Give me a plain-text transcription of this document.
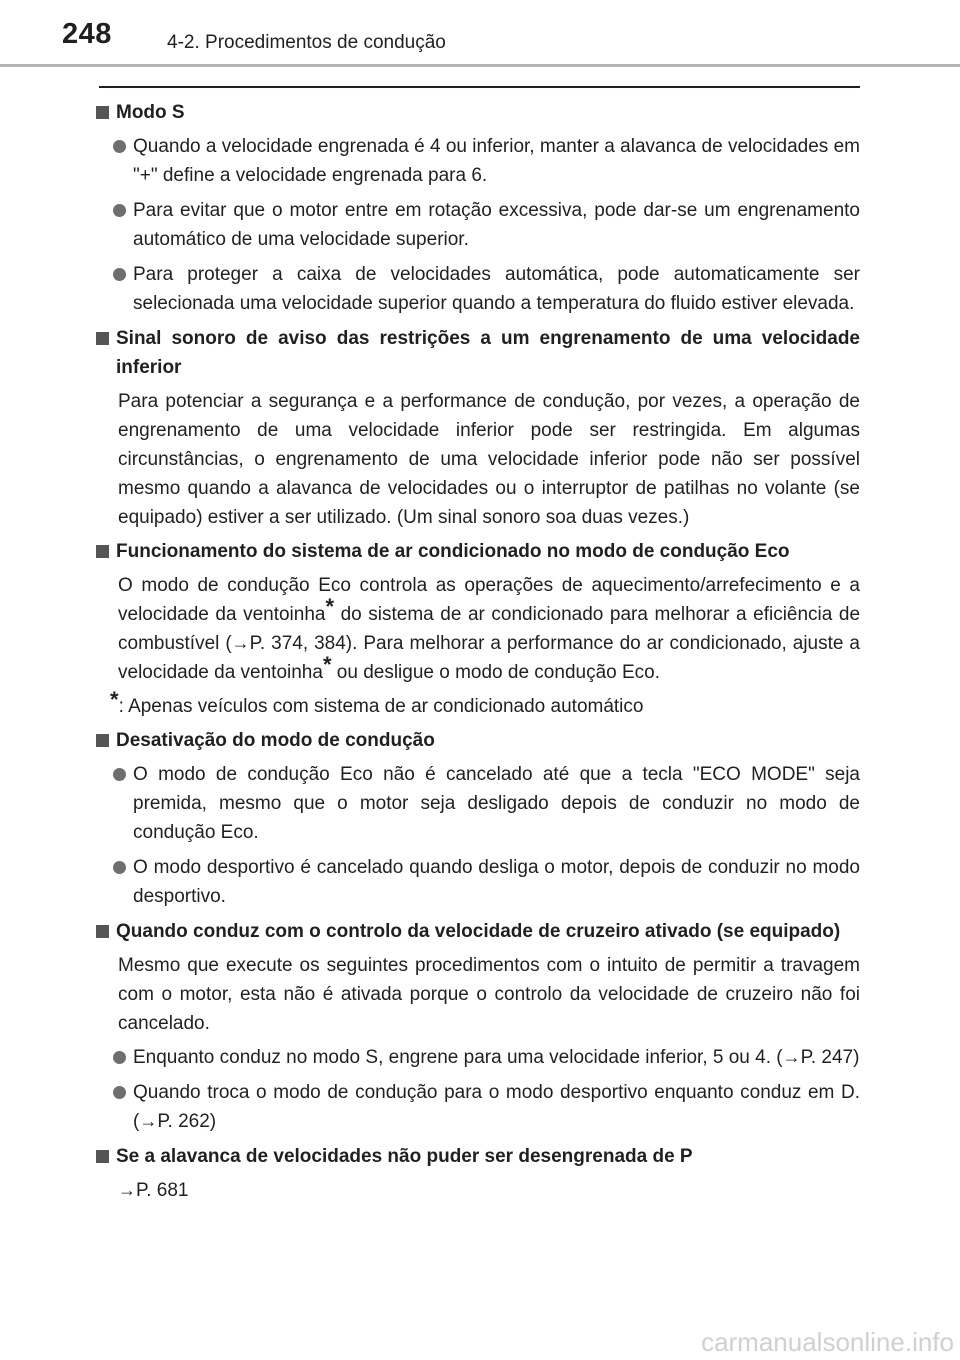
248	4-2. Procedimentos de condução
Modo S
Quando a velocidade engrenada é 4 ou inferior, manter a alavanca de velocidades em "+" define a velocidade engrenada para 6.
Para evitar que o motor entre em rotação excessiva, pode dar-se um engrenamento automático de uma velocidade superior.
Para proteger a caixa de velocidades automática, pode automaticamente ser selecionada uma velocidade superior quando a temperatura do fluido estiver elevada.
Sinal sonoro de aviso das restrições a um engrenamento de uma velocidade inferior
Para potenciar a segurança e a performance de condução, por vezes, a operação de engrenamento de uma velocidade inferior pode ser restringida. Em algumas circunstâncias, o engrenamento de uma velocidade inferior pode não ser possível mesmo quando a alavanca de velocidades ou o interruptor de patilhas no volante (se equipado) estiver a ser utilizado. (Um sinal sonoro soa duas vezes.)
Funcionamento do sistema de ar condicionado no modo de condução Eco
O modo de condução Eco controla as operações de aquecimento/arrefecimento e a velocidade da ventoinha* do sistema de ar condicionado para melhorar a eficiência de combustível (→P. 374, 384). Para melhorar a performance do ar condicionado, ajuste a velocidade da ventoinha* ou desligue o modo de condução Eco.
*: Apenas veículos com sistema de ar condicionado automático
Desativação do modo de condução
O modo de condução Eco não é cancelado até que a tecla "ECO MODE" seja premida, mesmo que o motor seja desligado depois de conduzir no modo de condução Eco.
O modo desportivo é cancelado quando desliga o motor, depois de conduzir no modo desportivo.
Quando conduz com o controlo da velocidade de cruzeiro ativado (se equipado)
Mesmo que execute os seguintes procedimentos com o intuito de permitir a travagem com o motor, esta não é ativada porque o controlo da velocidade de cruzeiro não foi cancelado.
Enquanto conduz no modo S, engrene para uma velocidade inferior, 5 ou 4. (→P. 247)
Quando troca o modo de condução para o modo desportivo enquanto conduz em D. (→P. 262)
Se a alavanca de velocidades não puder ser desengrenada de P
→P. 681
carmanualsonline.info
